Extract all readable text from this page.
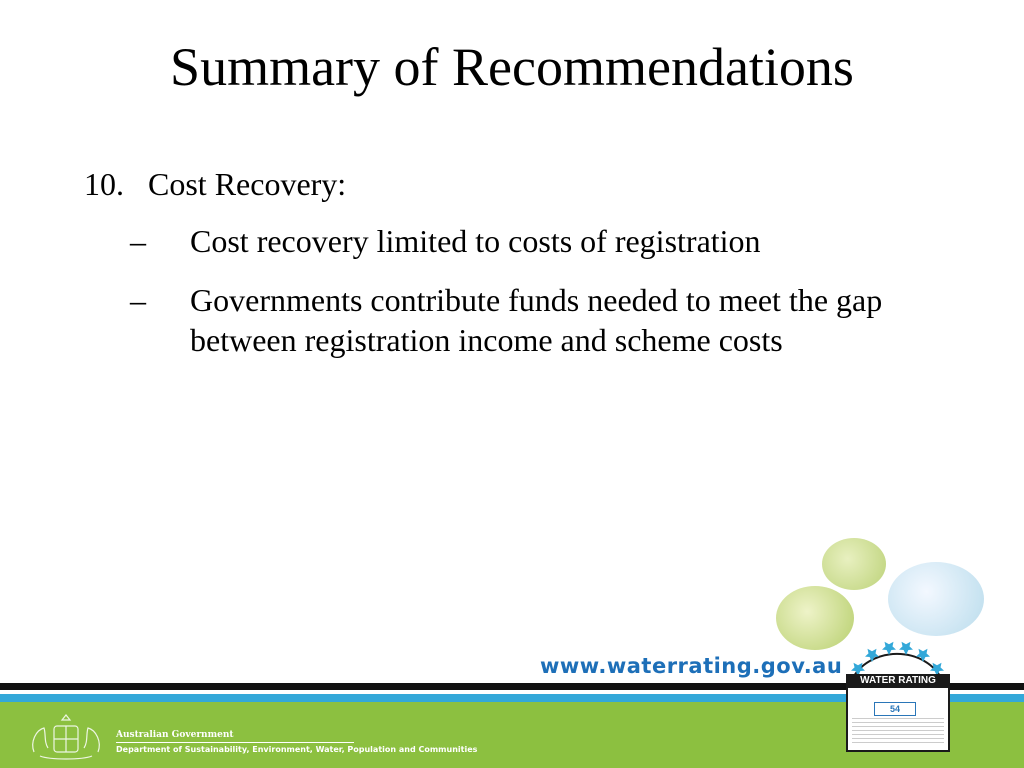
Summary of Recommendations
10. Cost Recovery:
– Cost recovery limited to costs of registration
– Governments contribute funds needed to meet the gap between registration income and scheme costs
www.waterrating.gov.au
Australian Government
Department of Sustainability, Environment, Water, Population and Communities
WATER RATING
54
